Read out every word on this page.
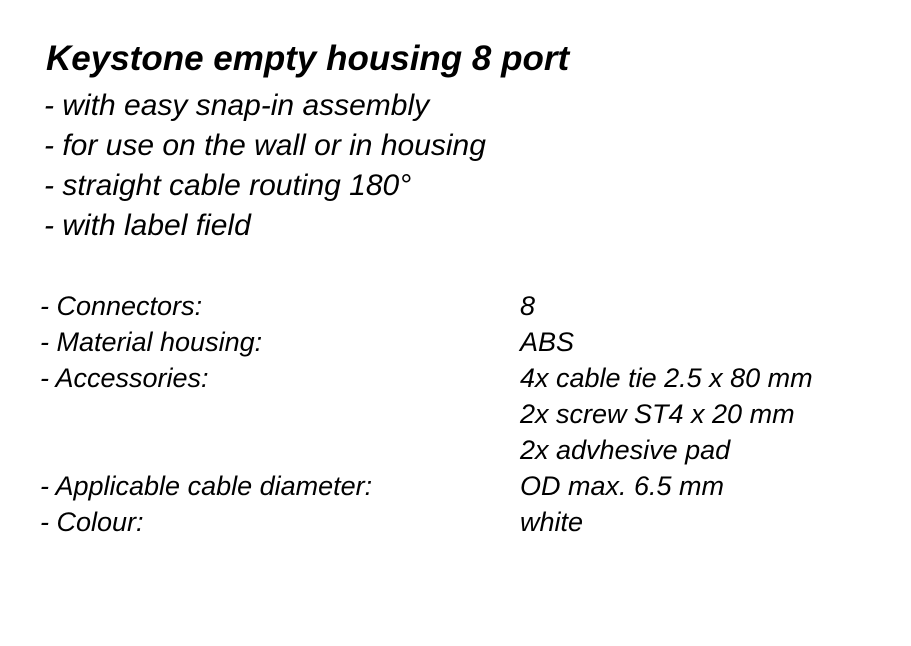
Keystone empty housing 8 port
- with easy snap-in assembly
- for use on the wall or in housing
- straight cable routing 180°
- with label field
- Connectors:	8
- Material housing:	ABS
- Accessories:	4x cable tie 2.5 x 80 mm
2x screw ST4 x 20 mm
2x advhesive pad
- Applicable cable diameter:	OD max. 6.5 mm
- Colour:	white
